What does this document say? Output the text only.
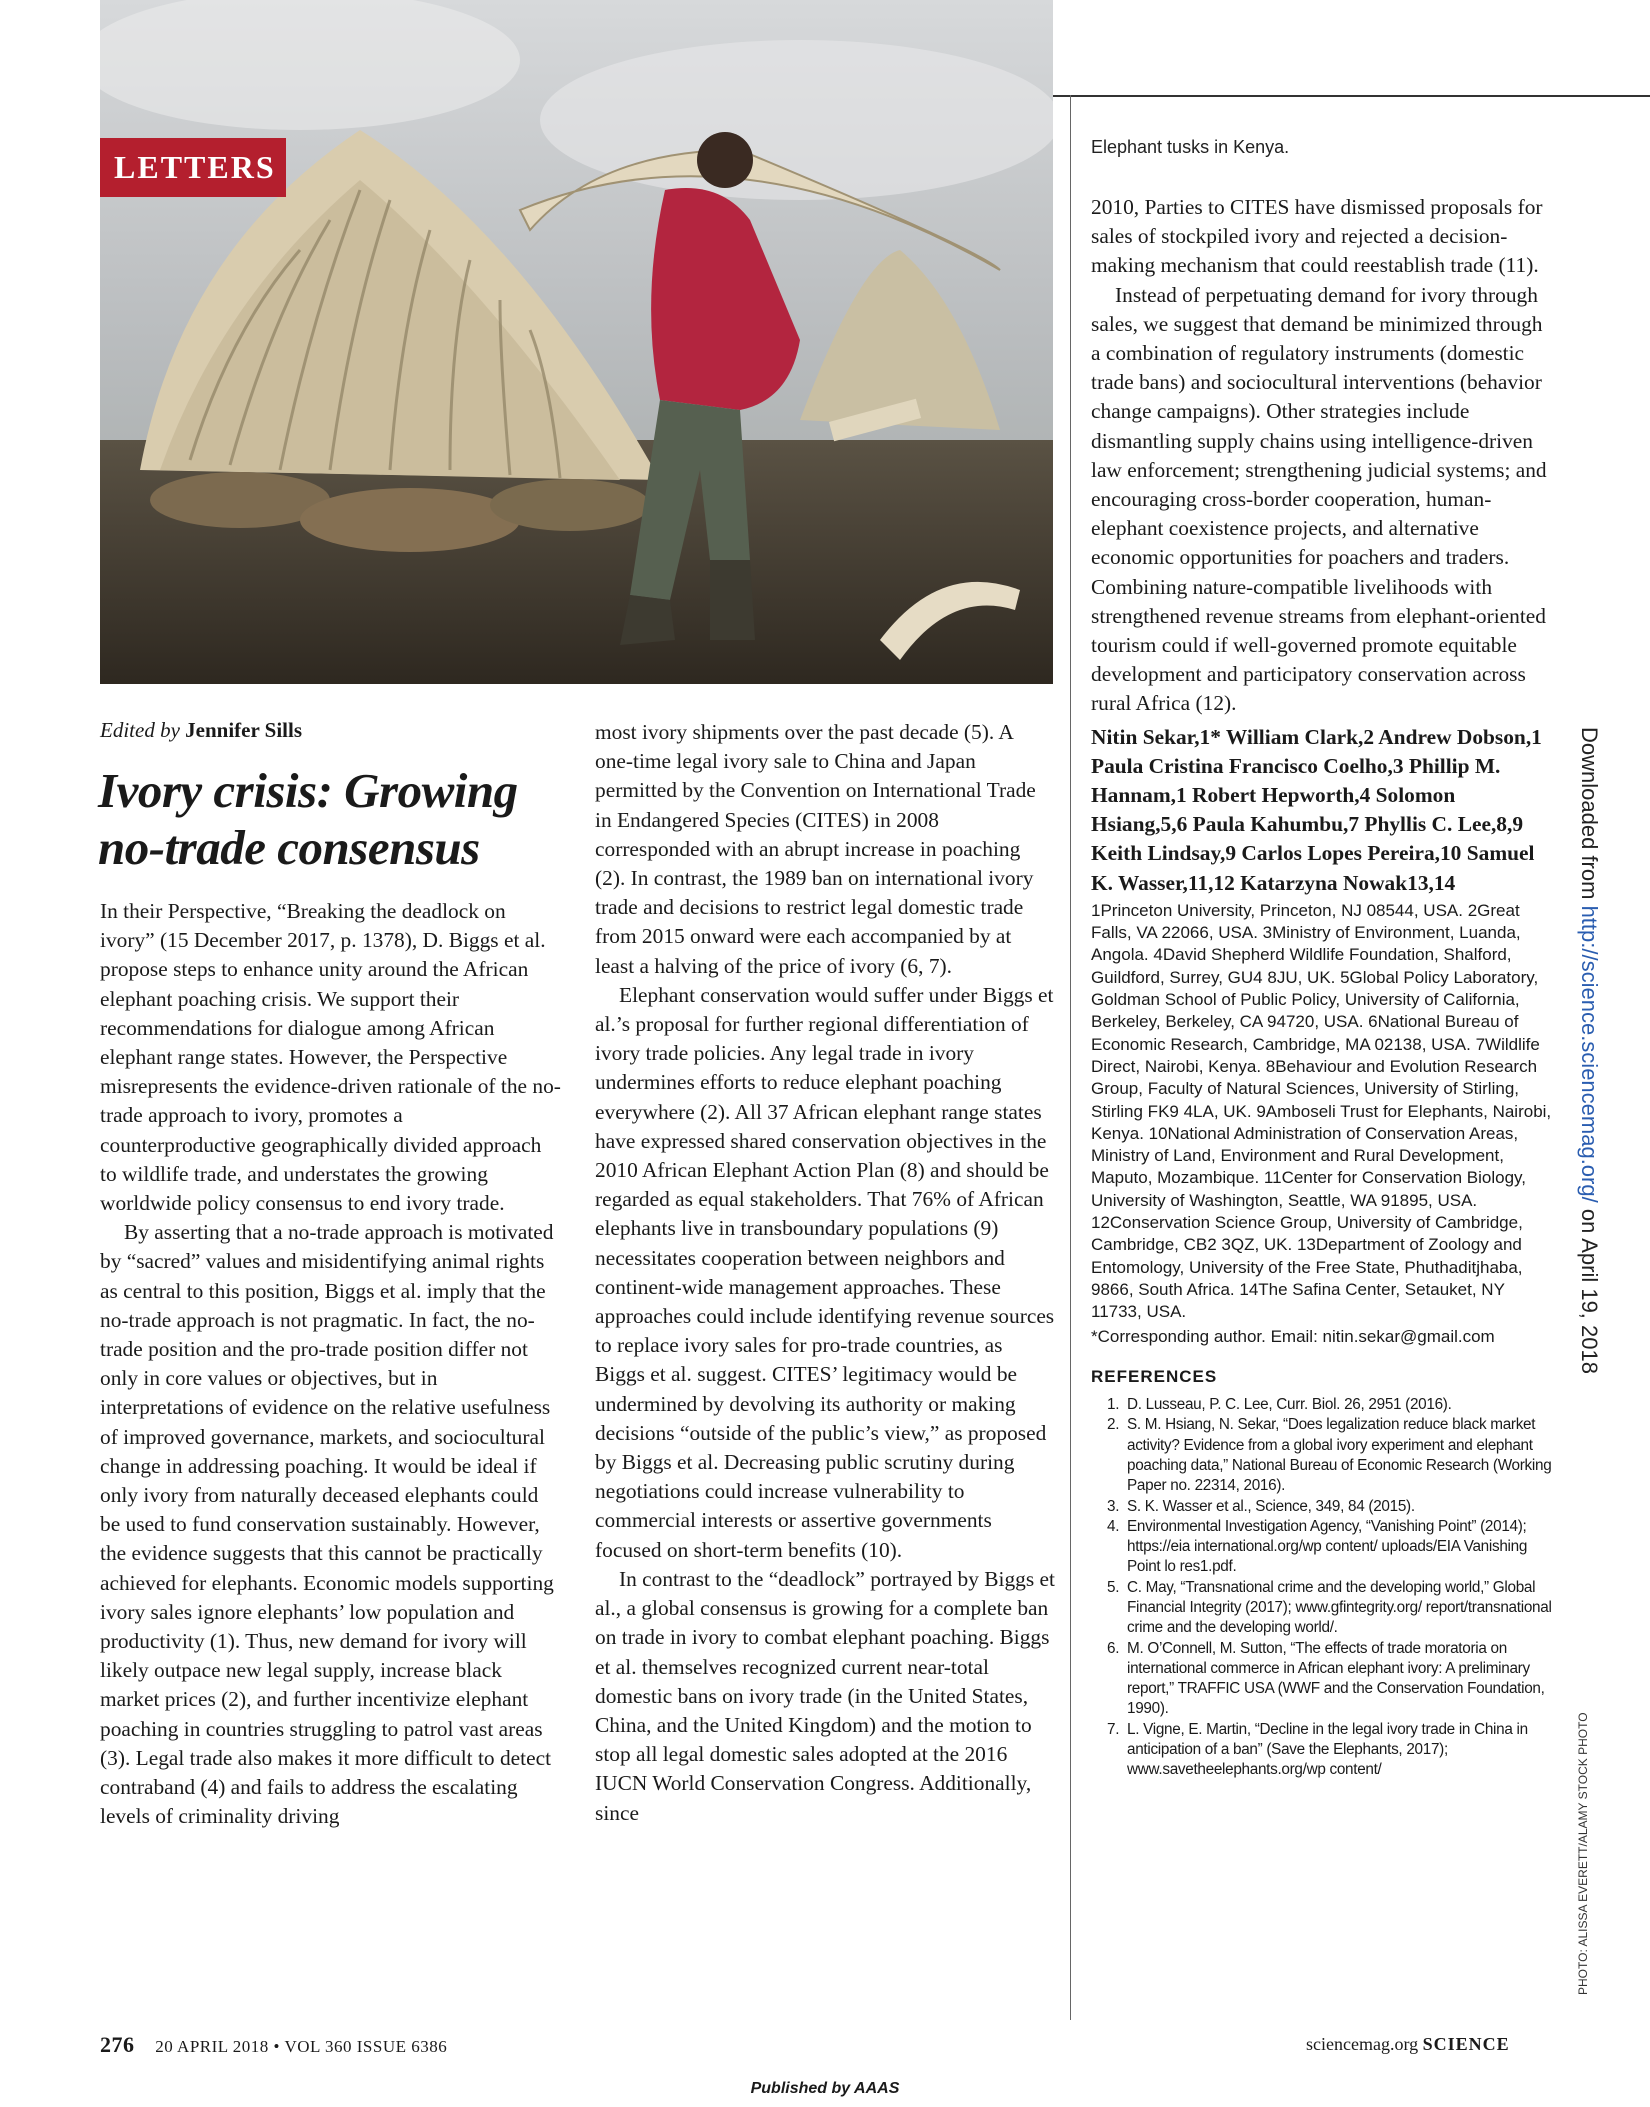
LETTERS
Elephant tusks in Kenya.
Edited by Jennifer Sills
Ivory crisis: Growing no-trade consensus

In their Perspective, “Breaking the deadlock on ivory” (15 December 2017, p. 1378), D. Biggs et al. propose steps to enhance unity around the African elephant poaching crisis. We support their recommendations for dialogue among African elephant range states. However, the Perspective misrepresents the evidence-driven rationale of the no-trade approach to ivory, promotes a counterproductive geographically divided approach to wildlife trade, and understates the growing worldwide policy consensus to end ivory trade.

By asserting that a no-trade approach is motivated by “sacred” values and misidentifying animal rights as central to this position, Biggs et al. imply that the no-trade approach is not pragmatic. In fact, the no-trade position and the pro-trade position differ not only in core values or objectives, but in interpretations of evidence on the relative usefulness of improved governance, markets, and sociocultural change in addressing poaching. It would be ideal if only ivory from naturally deceased elephants could be used to fund conservation sustainably. However, the evidence suggests that this cannot be practically achieved for elephants. Economic models supporting ivory sales ignore elephants’ low population and productivity (1). Thus, new demand for ivory will likely outpace new legal supply, increase black market prices (2), and further incentivize elephant poaching in countries struggling to patrol vast areas (3). Legal trade also makes it more difficult to detect contraband (4) and fails to address the escalating levels of criminality driving

most ivory shipments over the past decade (5). A one-time legal ivory sale to China and Japan permitted by the Convention on International Trade in Endangered Species (CITES) in 2008 corresponded with an abrupt increase in poaching (2). In contrast, the 1989 ban on international ivory trade and decisions to restrict legal domestic trade from 2015 onward were each accompanied by at least a halving of the price of ivory (6, 7).

Elephant conservation would suffer under Biggs et al.’s proposal for further regional differentiation of ivory trade policies. Any legal trade in ivory undermines efforts to reduce elephant poaching everywhere (2). All 37 African elephant range states have expressed shared conservation objectives in the 2010 African Elephant Action Plan (8) and should be regarded as equal stakeholders. That 76% of African elephants live in transboundary populations (9) necessitates cooperation between neighbors and continent-wide management approaches. These approaches could include identifying revenue sources to replace ivory sales for pro-trade countries, as Biggs et al. suggest. CITES’ legitimacy would be undermined by devolving its authority or making decisions “outside of the public’s view,” as proposed by Biggs et al. Decreasing public scrutiny during negotiations could increase vulnerability to commercial interests or assertive governments focused on short-term benefits (10).

In contrast to the “deadlock” portrayed by Biggs et al., a global consensus is growing for a complete ban on trade in ivory to combat elephant poaching. Biggs et al. themselves recognized current near-total domestic bans on ivory trade (in the United States, China, and the United Kingdom) and the motion to stop all legal domestic sales adopted at the 2016 IUCN World Conservation Congress. Additionally, since

2010, Parties to CITES have dismissed proposals for sales of stockpiled ivory and rejected a decision-making mechanism that could reestablish trade (11).

Instead of perpetuating demand for ivory through sales, we suggest that demand be minimized through a combination of regulatory instruments (domestic trade bans) and sociocultural interventions (behavior change campaigns). Other strategies include dismantling supply chains using intelligence-driven law enforcement; strengthening judicial systems; and encouraging cross-border cooperation, human-elephant coexistence projects, and alternative economic opportunities for poachers and traders. Combining nature-compatible livelihoods with strengthened revenue streams from elephant-oriented tourism could if well-governed promote equitable development and participatory conservation across rural Africa (12).

Nitin Sekar,1* William Clark,2 Andrew Dobson,1 Paula Cristina Francisco Coelho,3 Phillip M. Hannam,1 Robert Hepworth,4 Solomon Hsiang,5,6 Paula Kahumbu,7 Phyllis C. Lee,8,9 Keith Lindsay,9 Carlos Lopes Pereira,10 Samuel K. Wasser,11,12 Katarzyna Nowak13,14

1Princeton University, Princeton, NJ 08544, USA. 2Great Falls, VA 22066, USA. 3Ministry of Environment, Luanda, Angola. 4David Shepherd Wildlife Foundation, Shalford, Guildford, Surrey, GU4 8JU, UK. 5Global Policy Laboratory, Goldman School of Public Policy, University of California, Berkeley, Berkeley, CA 94720, USA. 6National Bureau of Economic Research, Cambridge, MA 02138, USA. 7Wildlife Direct, Nairobi, Kenya. 8Behaviour and Evolution Research Group, Faculty of Natural Sciences, University of Stirling, Stirling FK9 4LA, UK. 9Amboseli Trust for Elephants, Nairobi, Kenya. 10National Administration of Conservation Areas, Ministry of Land, Environment and Rural Development, Maputo, Mozambique. 11Center for Conservation Biology, University of Washington, Seattle, WA 91895, USA. 12Conservation Science Group, University of Cambridge, Cambridge, CB2 3QZ, UK. 13Department of Zoology and Entomology, University of the Free State, Phuthaditjhaba, 9866, South Africa. 14The Safina Center, Setauket, NY 11733, USA.

*Corresponding author. Email: nitin.sekar@gmail.com

REFERENCES

1. D. Lusseau, P. C. Lee, Curr. Biol. 26, 2951 (2016).
2. S. M. Hsiang, N. Sekar, “Does legalization reduce black market activity? Evidence from a global ivory experiment and elephant poaching data,” National Bureau of Economic Research (Working Paper no. 22314, 2016).
3. S. K. Wasser et al., Science, 349, 84 (2015).
4. Environmental Investigation Agency, “Vanishing Point” (2014); https://eia international.org/wp content/ uploads/EIA Vanishing Point lo res1.pdf.
5. C. May, “Transnational crime and the developing world,” Global Financial Integrity (2017); www.gfintegrity.org/ report/transnational crime and the developing world/.
6. M. O’Connell, M. Sutton, “The effects of trade moratoria on international commerce in African elephant ivory: A preliminary report,” TRAFFIC USA (WWF and the Conservation Foundation, 1990).
7. L. Vigne, E. Martin, “Decline in the legal ivory trade in China in anticipation of a ban” (Save the Elephants, 2017); www.savetheelephants.org/wp content/
276 20 APRIL 2018 • VOL 360 ISSUE 6386	sciencemag.org SCIENCE
Published by AAAS
Downloaded from http://science.sciencemag.org/ on April 19, 2018
PHOTO: ALISSA EVERETT/ALAMY STOCK PHOTO
